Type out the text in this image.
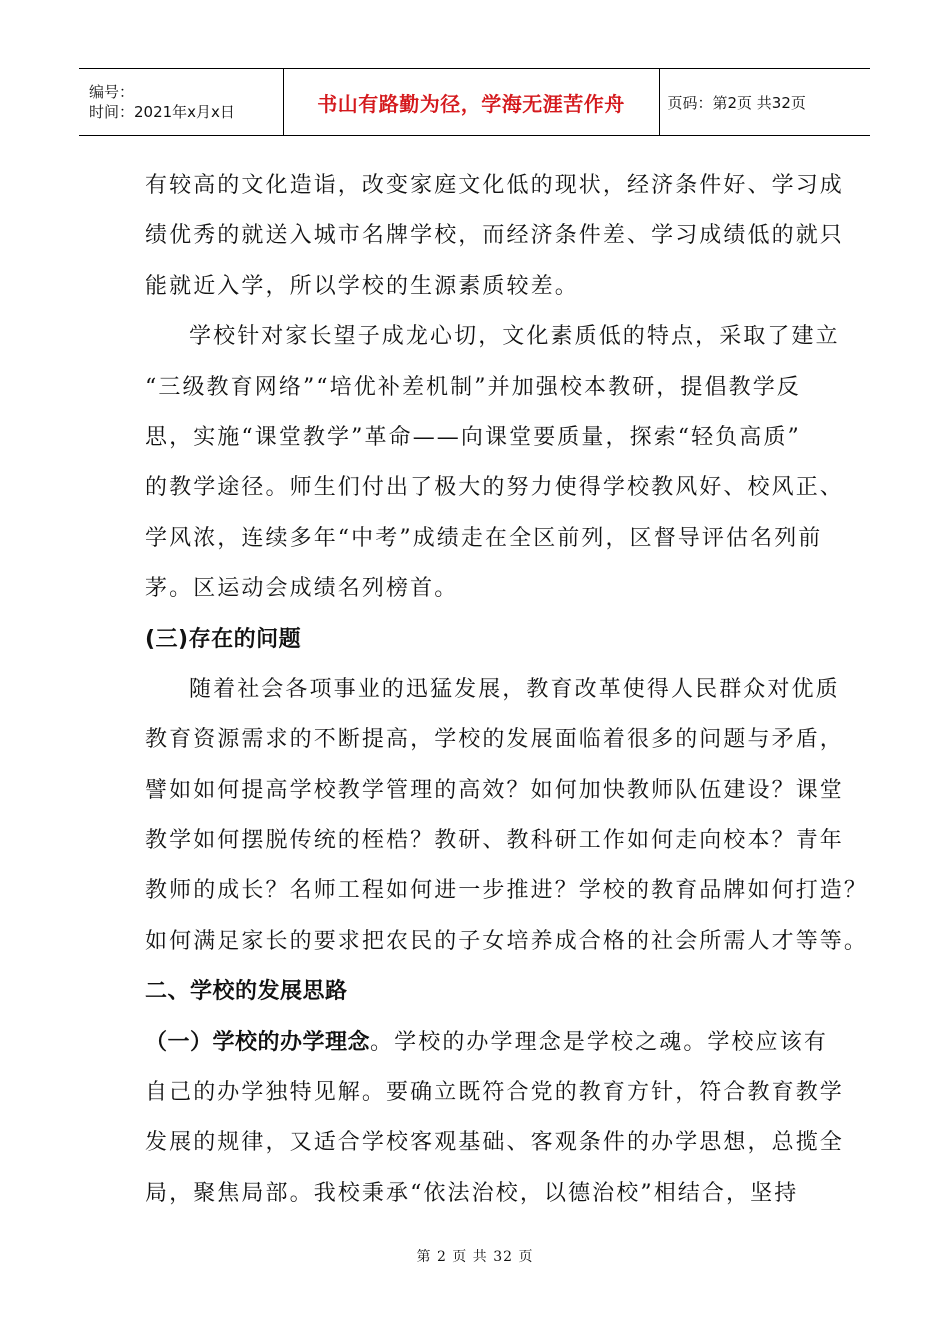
编号：
时间：2021年x月x日	书山有路勤为径，学海无涯苦作舟	页码：第2页 共32页
有较高的文化造诣，改变家庭文化低的现状，经济条件好、学习成
绩优秀的就送入城市名牌学校，而经济条件差、学习成绩低的就只
能就近入学，所以学校的生源素质较差。
学校针对家长望子成龙心切，文化素质低的特点，采取了建立
“三级教育网络”“培优补差机制”并加强校本教研，提倡教学反
思，实施“课堂教学”革命——向课堂要质量，探索“轻负高质”
的教学途径。师生们付出了极大的努力使得学校教风好、校风正、
学风浓，连续多年“中考”成绩走在全区前列，区督导评估名列前
茅。区运动会成绩名列榜首。
(三)存在的问题
随着社会各项事业的迅猛发展，教育改革使得人民群众对优质
教育资源需求的不断提高，学校的发展面临着很多的问题与矛盾，
譬如如何提高学校教学管理的高效？如何加快教师队伍建设？课堂
教学如何摆脱传统的桎梏？教研、教科研工作如何走向校本？青年
教师的成长？名师工程如何进一步推进？学校的教育品牌如何打造？
如何满足家长的要求把农民的子女培养成合格的社会所需人才等等。
二、学校的发展思路
（一）学校的办学理念。学校的办学理念是学校之魂。学校应该有
自己的办学独特见解。要确立既符合党的教育方针，符合教育教学
发展的规律，又适合学校客观基础、客观条件的办学思想，总揽全
局，聚焦局部。我校秉承“依法治校，以德治校”相结合，坚持
第 2 页 共 32 页
